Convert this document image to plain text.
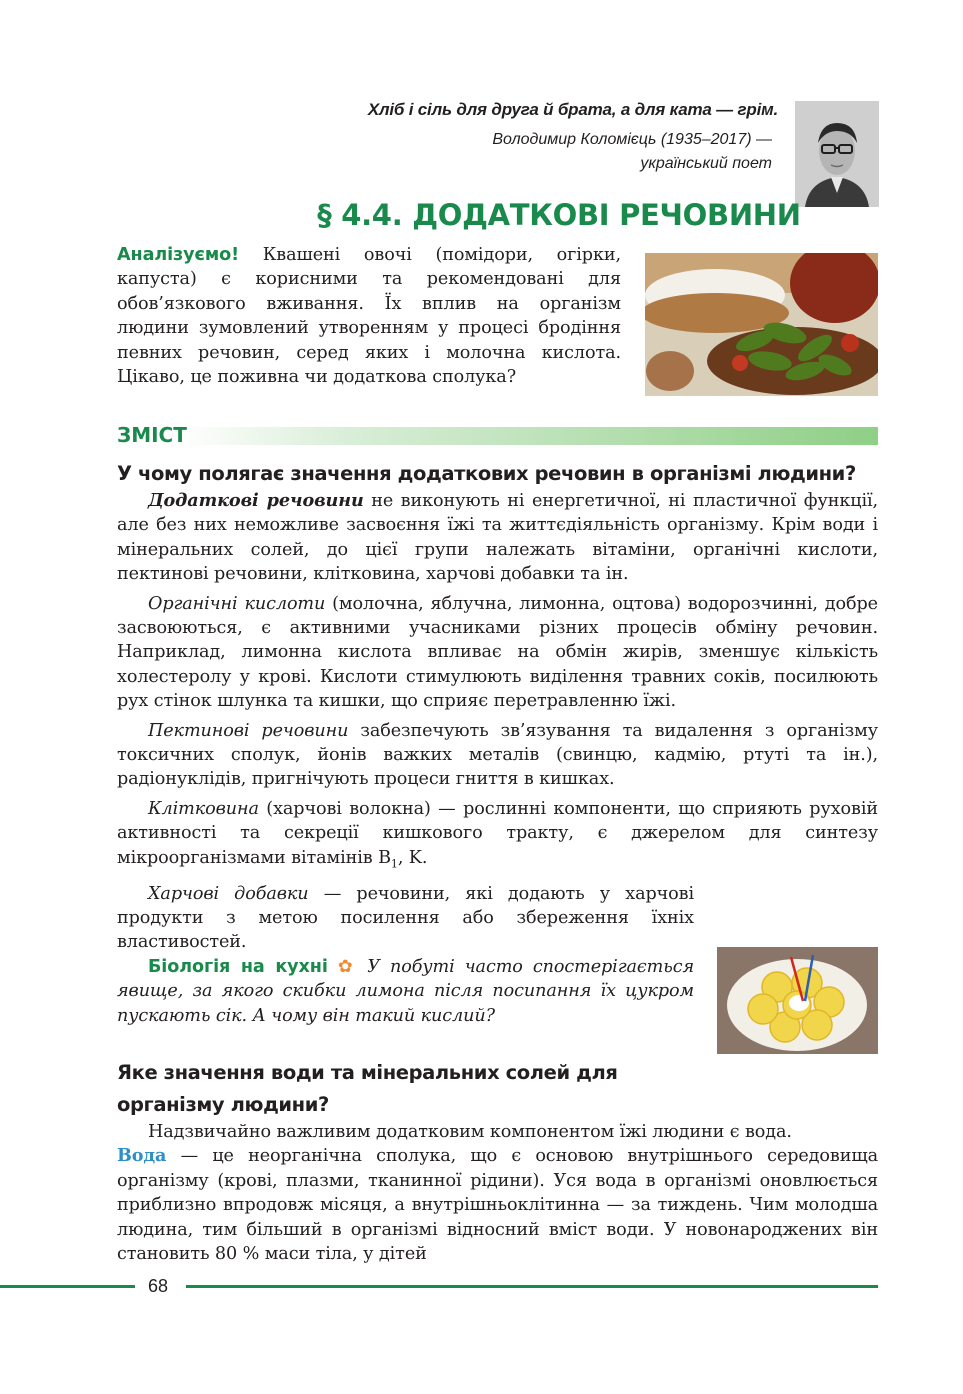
Хліб і сіль для друга й брата, а для ката — грім.
Володимир Коломієць (1935–2017) —
український поет
§ 4.4. ДОДАТКОВІ РЕЧОВИНИ
Аналізуємо! Квашені овочі (помідори, огірки, капуста) є корисними та рекомендовані для обов’язкового вживання. Їх вплив на організм людини зумовлений утворенням у процесі бродіння певних речовин, серед яких і молочна кислота. Цікаво, це поживна чи додаткова сполука?
ЗМІСТ
У чому полягає значення додаткових речовин в організмі людини?

Додаткові речовини не виконують ні енергетичної, ні пластичної функції, але без них неможливе засвоєння їжі та життєдіяльність організму. Крім води і мінеральних солей, до цієї групи належать вітаміни, органічні кислоти, пектинові речовини, клітковина, харчові добавки та ін.

Органічні кислоти (молочна, яблучна, лимонна, оцтова) водорозчинні, добре засвоюються, є активними учасниками різних процесів обміну речовин. Наприклад, лимонна кислота впливає на обмін жирів, зменшує кількість холестеролу у крові. Кислоти стимулюють виділення травних соків, посилюють рух стінок шлунка та кишки, що сприяє перетравленню їжі.

Пектинові речовини забезпечують зв’язування та видалення з організму токсичних сполук, йонів важких металів (свинцю, кадмію, ртуті та ін.), радіонуклідів, пригнічують процеси гниття в кишках.

Клітковина (харчові волокна) — рослинні компоненти, що сприяють руховій активності та секреції кишкового тракту, є джерелом для синтезу мікроорганізмами вітамінів $B_1$, K.

Харчові добавки — речовини, які додають у харчові продукти з метою посилення або збереження їхніх властивостей.

Біологія на кухні ✿ У побуті часто спостерігається явище, за якого скибки лимона після посипання їх цукром пускають сік. А чому він такий кислий?
Яке значення води та мінеральних солей для організму людини?

Надзвичайно важливим додатковим компонентом їжі людини є вода.

Вода — це неорганічна сполука, що є основою внутрішнього середовища організму (крові, плазми, тканинної рідини). Уся вода в організмі оновлюється приблизно впродовж місяця, а внутрішньоклітинна — за тиждень. Чим молодша людина, тим більший в організмі відносний вміст води. У новонароджених він становить 80 % маси тіла, у дітей

68
